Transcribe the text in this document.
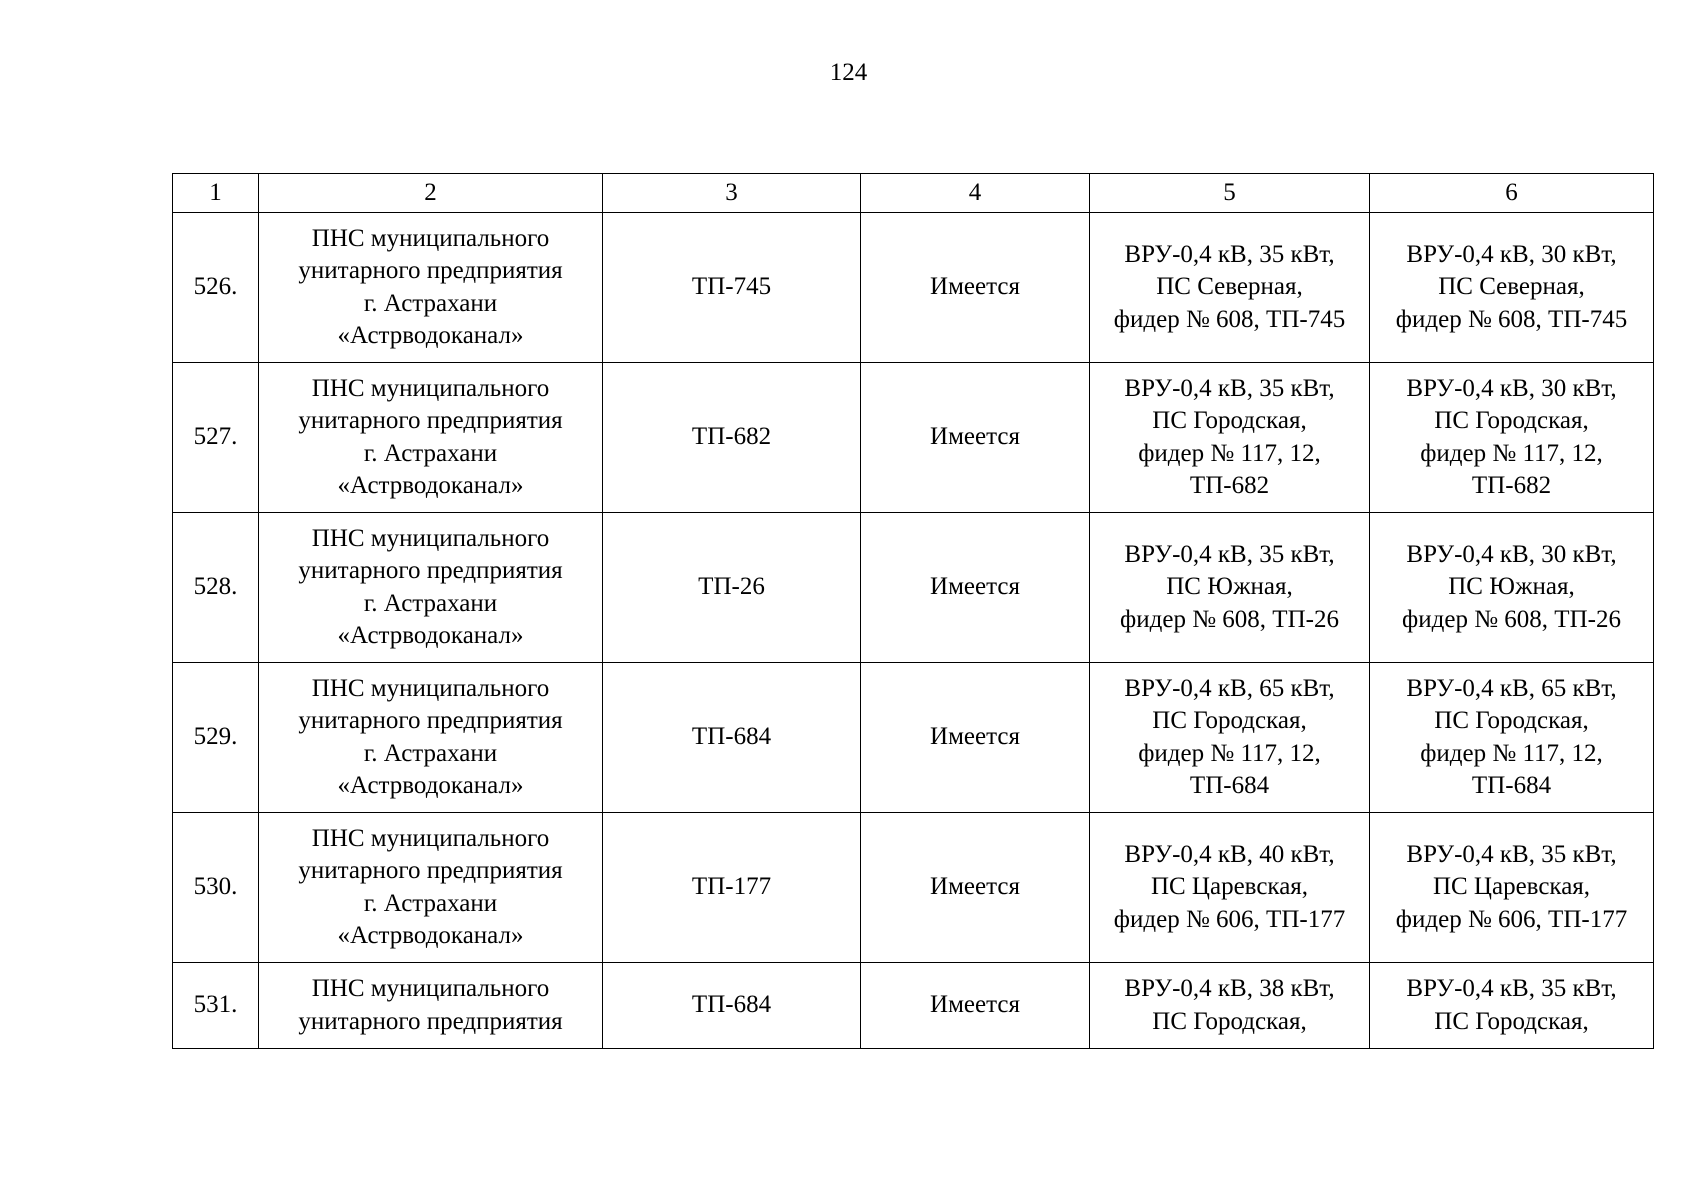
124
1	2	3	4	5	6
526.	ПНС муниципального
унитарного предприятия
г. Астрахани
«Астрводоканал»	ТП-745	Имеется	ВРУ-0,4 кВ, 35 кВт,
ПС Северная,
фидер № 608, ТП-745	ВРУ-0,4 кВ, 30 кВт,
ПС Северная,
фидер № 608, ТП-745
527.	ПНС муниципального
унитарного предприятия
г. Астрахани
«Астрводоканал»	ТП-682	Имеется	ВРУ-0,4 кВ, 35 кВт,
ПС Городская,
фидер № 117, 12,
ТП-682	ВРУ-0,4 кВ, 30 кВт,
ПС Городская,
фидер № 117, 12,
ТП-682
528.	ПНС муниципального
унитарного предприятия
г. Астрахани
«Астрводоканал»	ТП-26	Имеется	ВРУ-0,4 кВ, 35 кВт,
ПС Южная,
фидер № 608, ТП-26	ВРУ-0,4 кВ, 30 кВт,
ПС Южная,
фидер № 608, ТП-26
529.	ПНС муниципального
унитарного предприятия
г. Астрахани
«Астрводоканал»	ТП-684	Имеется	ВРУ-0,4 кВ, 65 кВт,
ПС Городская,
фидер № 117, 12,
ТП-684	ВРУ-0,4 кВ, 65 кВт,
ПС Городская,
фидер № 117, 12,
ТП-684
530.	ПНС муниципального
унитарного предприятия
г. Астрахани
«Астрводоканал»	ТП-177	Имеется	ВРУ-0,4 кВ, 40 кВт,
ПС Царевская,
фидер № 606, ТП-177	ВРУ-0,4 кВ, 35 кВт,
ПС Царевская,
фидер № 606, ТП-177
531.	ПНС муниципального
унитарного предприятия	ТП-684	Имеется	ВРУ-0,4 кВ, 38 кВт,
ПС Городская,	ВРУ-0,4 кВ, 35 кВт,
ПС Городская,
